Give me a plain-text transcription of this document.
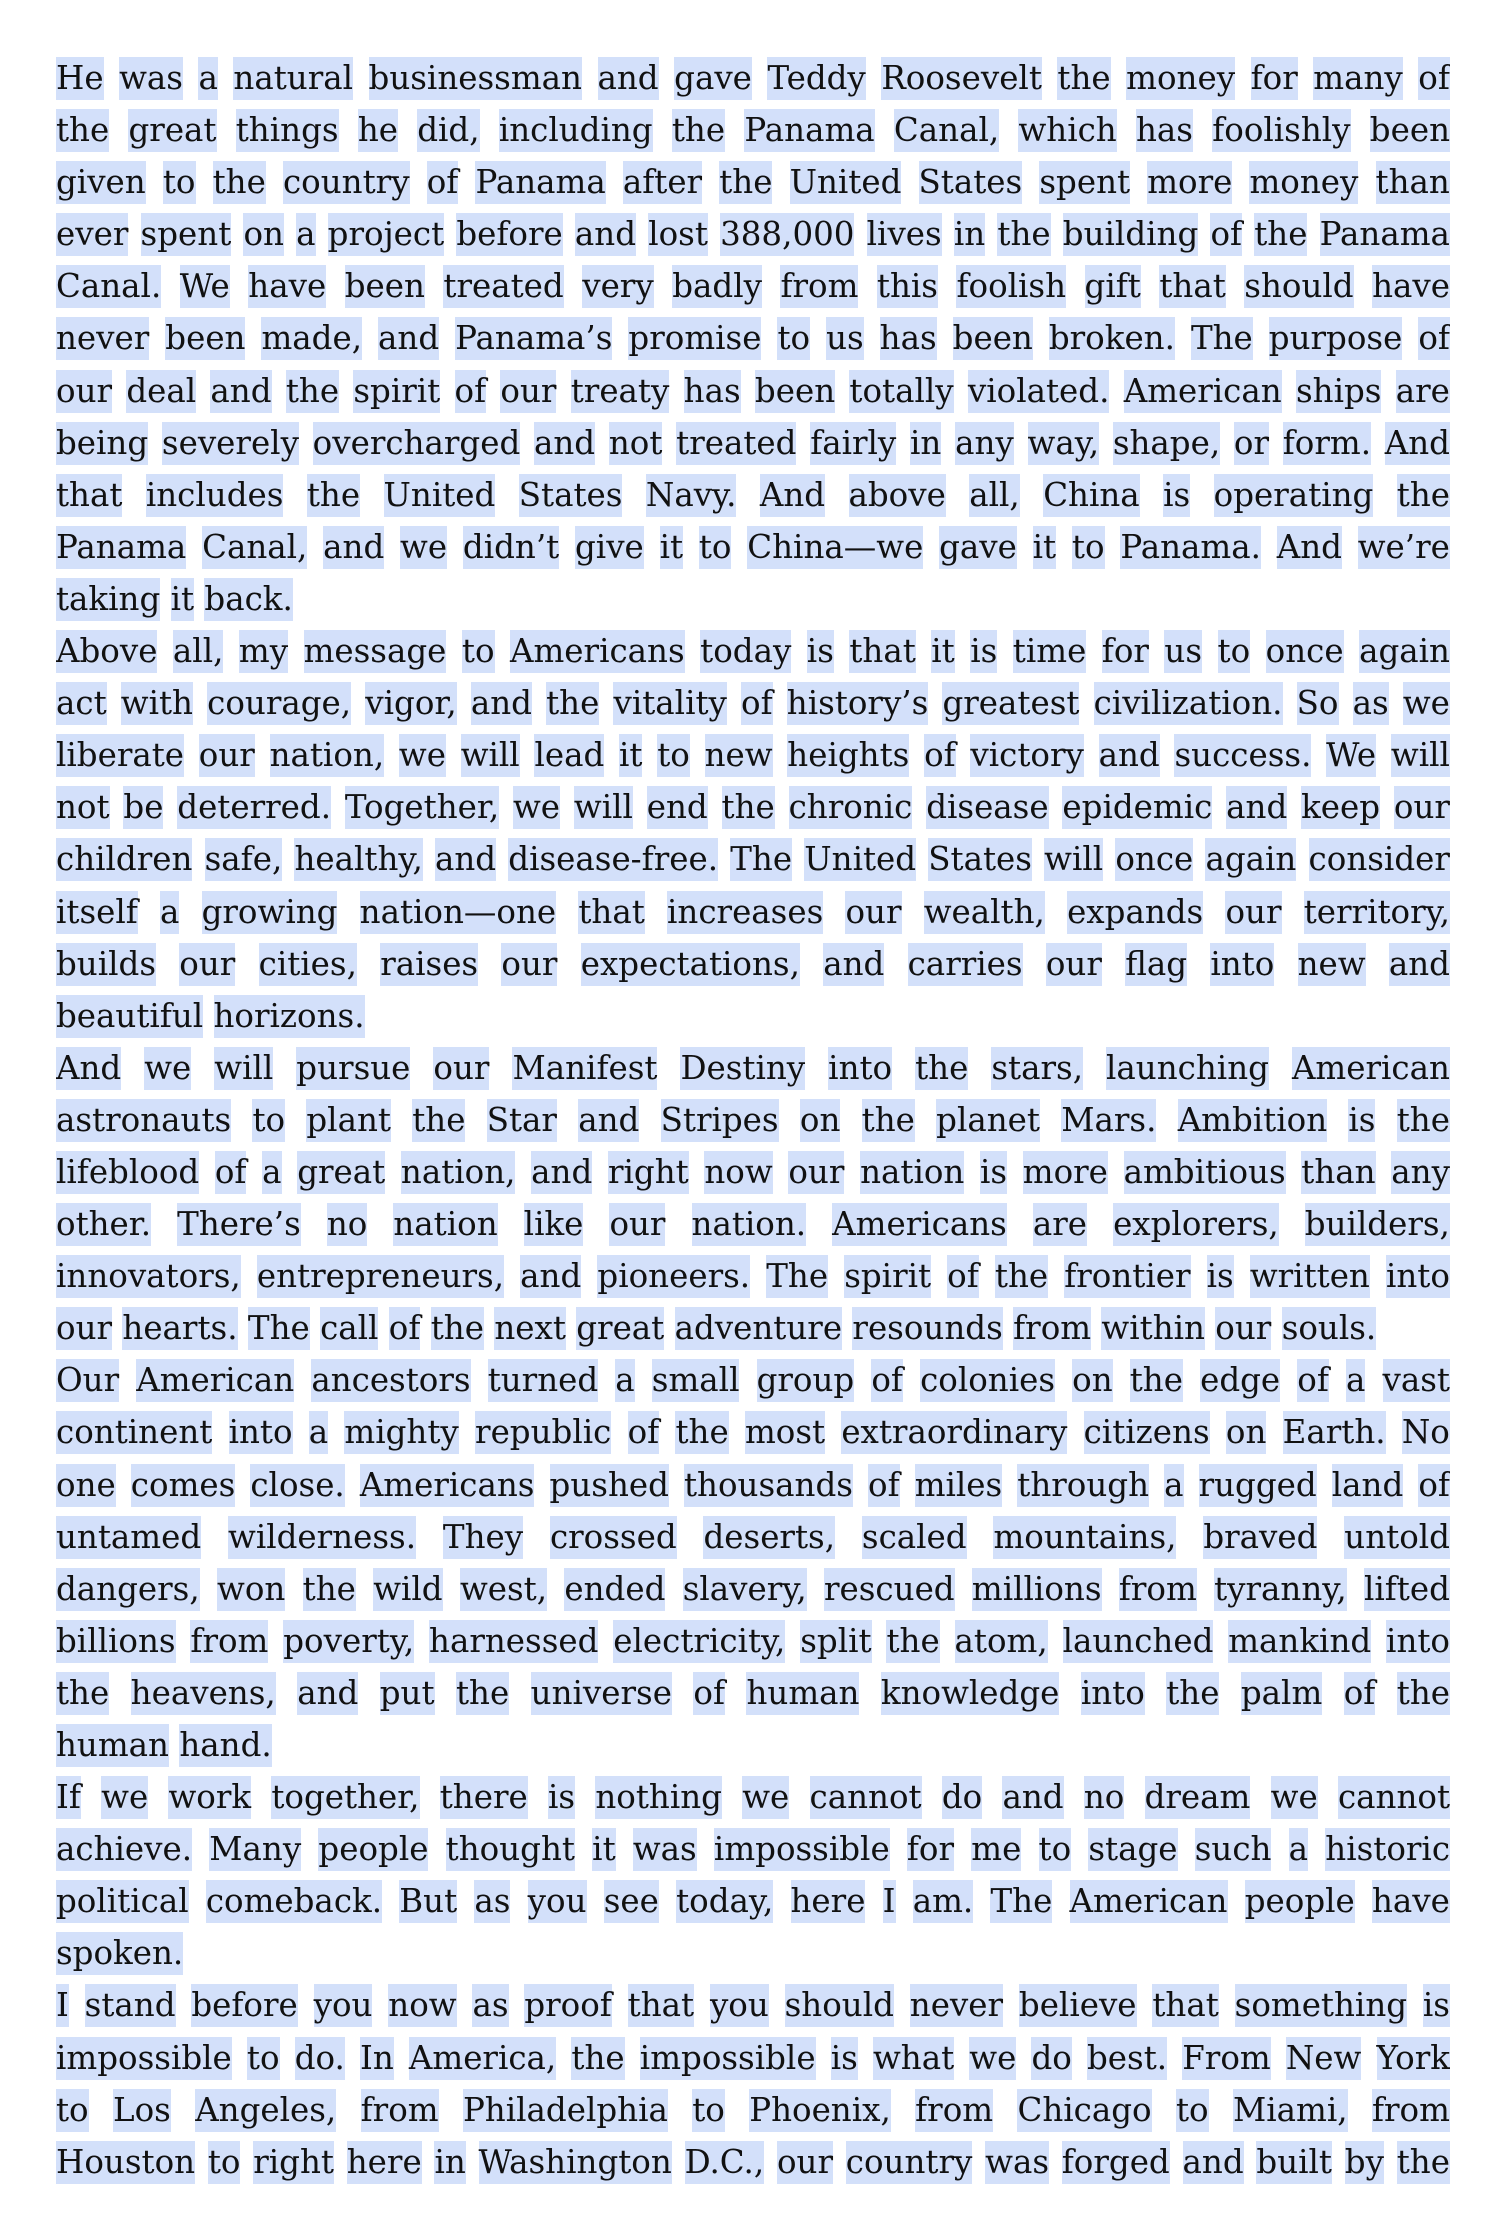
He was a natural businessman and gave Teddy Roosevelt the money for many of
the great things he did, including the Panama Canal, which has foolishly been
given to the country of Panama after the United States spent more money than
ever spent on a project before and lost 388,000 lives in the building of the Panama
Canal. We have been treated very badly from this foolish gift that should have
never been made, and Panama’s promise to us has been broken. The purpose of
our deal and the spirit of our treaty has been totally violated. American ships are
being severely overcharged and not treated fairly in any way, shape, or form. And
that includes the United States Navy. And above all, China is operating the
Panama Canal, and we didn’t give it to China—we gave it to Panama. And we’re
taking it back.

Above all, my message to Americans today is that it is time for us to once again
act with courage, vigor, and the vitality of history’s greatest civilization. So as we
liberate our nation, we will lead it to new heights of victory and success. We will
not be deterred. Together, we will end the chronic disease epidemic and keep our
children safe, healthy, and disease-free. The United States will once again consider
itself a growing nation—one that increases our wealth, expands our territory,
builds our cities, raises our expectations, and carries our flag into new and
beautiful horizons.

And we will pursue our Manifest Destiny into the stars, launching American
astronauts to plant the Star and Stripes on the planet Mars. Ambition is the
lifeblood of a great nation, and right now our nation is more ambitious than any
other. There’s no nation like our nation. Americans are explorers, builders,
innovators, entrepreneurs, and pioneers. The spirit of the frontier is written into
our hearts. The call of the next great adventure resounds from within our souls.

Our American ancestors turned a small group of colonies on the edge of a vast
continent into a mighty republic of the most extraordinary citizens on Earth. No
one comes close. Americans pushed thousands of miles through a rugged land of
untamed wilderness. They crossed deserts, scaled mountains, braved untold
dangers, won the wild west, ended slavery, rescued millions from tyranny, lifted
billions from poverty, harnessed electricity, split the atom, launched mankind into
the heavens, and put the universe of human knowledge into the palm of the
human hand.

If we work together, there is nothing we cannot do and no dream we cannot
achieve. Many people thought it was impossible for me to stage such a historic
political comeback. But as you see today, here I am. The American people have
spoken.

I stand before you now as proof that you should never believe that something is
impossible to do. In America, the impossible is what we do best. From New York
to Los Angeles, from Philadelphia to Phoenix, from Chicago to Miami, from
Houston to right here in Washington D.C., our country was forged and built by the
